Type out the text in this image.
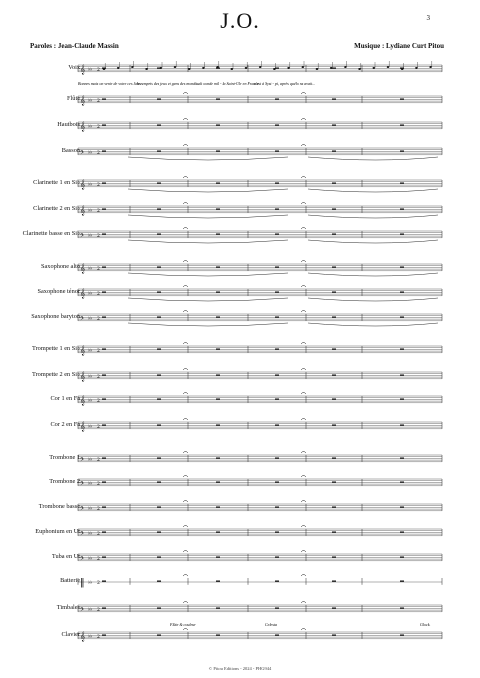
J.O.	3
Paroles : Jean-Claude Massin	Musique : Lydiane Curt Pitou
Voix
Flûte
Hautbois
Basson
Clarinette 1 en Si♭
Clarinette 2 en Si♭
Clarinette basse en Si♭
Saxophone alto
Saxophone ténor
Saxophone baryton
Trompette 1 en Si♭
Trompette 2 en Si♭
Cor 1 en Fa
Cor 2 en Fa
Trombone 1
Trombone 2
Trombone basse
Euphonium en Ut
Tuba en Ut
Batterie
Timbales
Clavier
𝄞 ♭♭ 2
𝄞 ♭♭ 2
𝄞 ♭♭ 2
𝄢 ♭♭ 2
𝄞 ♭♭ 2
𝄞 ♭♭ 2
𝄢 ♭♭ 2
𝄞 ♭♭ 2
𝄞 ♭♭ 2
𝄢 ♭♭ 2
𝄞 ♭♭ 2
𝄞 ♭♭ 2
𝄞 ♭♭ 2
𝄞 ♭♭ 2
𝄢 ♭♭ 2
𝄢 ♭♭ 2
𝄢 ♭♭ 2
𝄢 ♭♭ 2
𝄢 ♭♭ 2
‖ ♭♭ 2
𝄢 ♭♭ 2
𝄞 ♭♭ 2
Bonnes mais on venir de votre ces Jeux...
Je rempris des jeux et gens des mondi...
naît oonde mil - la Saint-Ulr en France
c'est à Syst - pi, après quélo ns avait...
Flûte & couleur	Celesta	Glock.
© Pitou Editions - 2024 - PHG944
